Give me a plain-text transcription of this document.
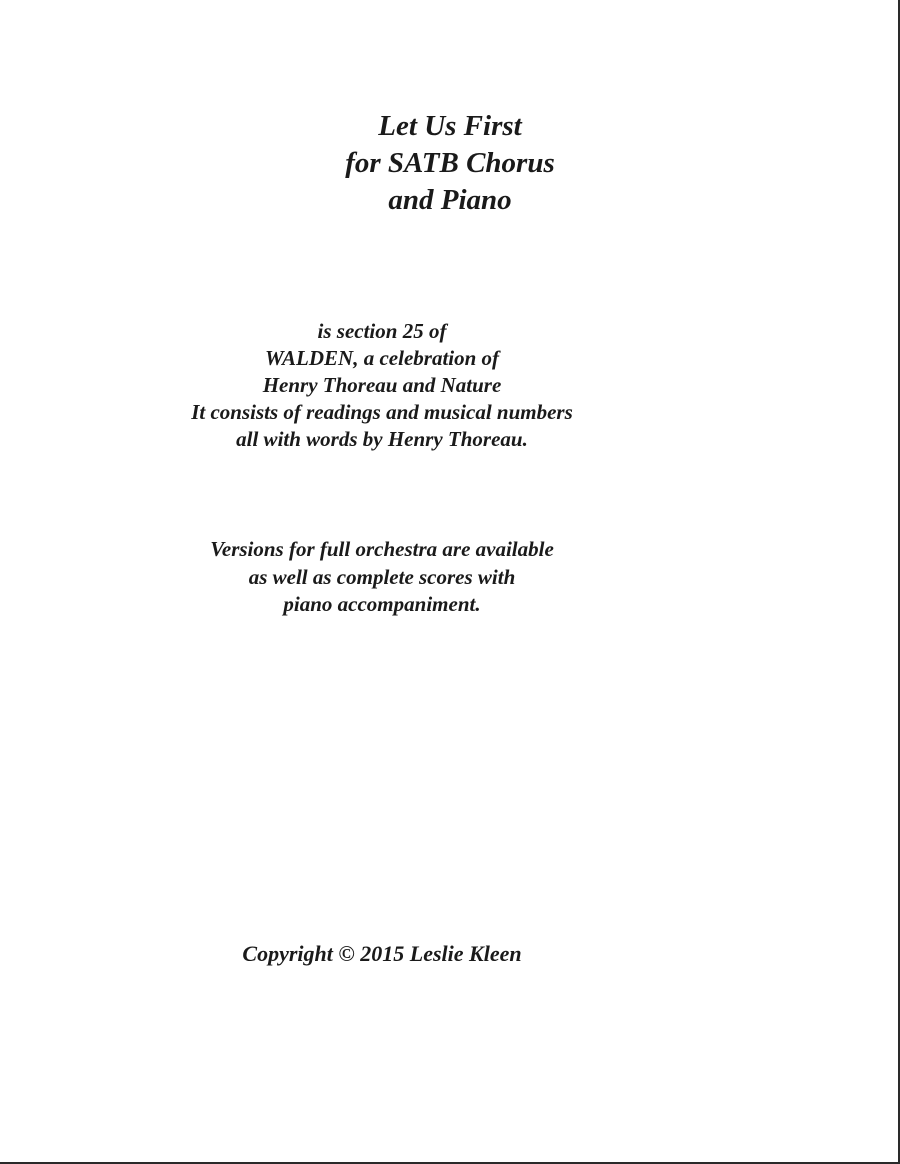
Let Us First
for SATB Chorus
and Piano
is section 25 of
WALDEN, a celebration of
Henry Thoreau and Nature
It consists of readings and musical numbers
all with words by Henry Thoreau.
Versions for full orchestra are available
as well as complete scores with
piano accompaniment.
Copyright © 2015 Leslie Kleen
